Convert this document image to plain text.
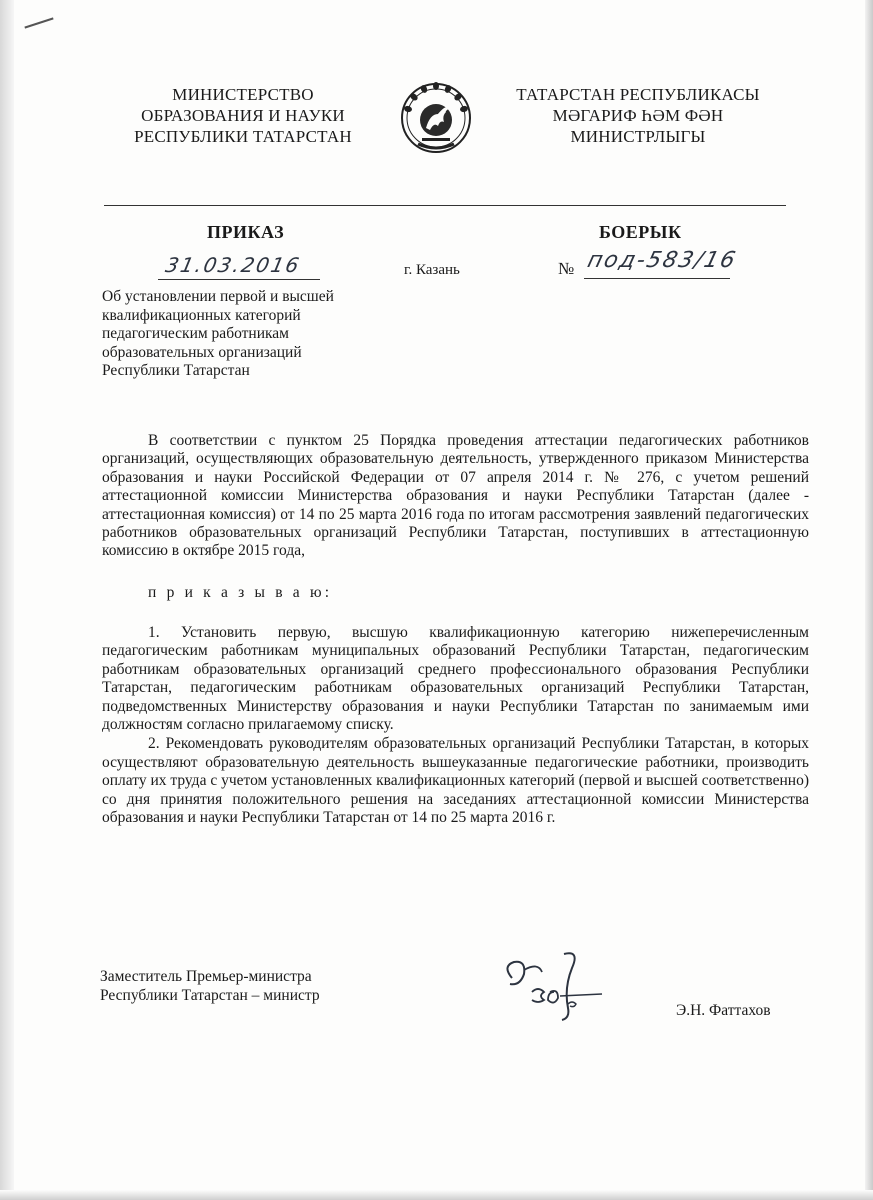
МИНИСТЕРСТВО
ОБРАЗОВАНИЯ И НАУКИ
РЕСПУБЛИКИ ТАТАРСТАН
ТАТАРСТАН РЕСПУБЛИКАСЫ
МӘГАРИФ ҺӘМ ФӘН
МИНИСТРЛЫГЫ
ПРИКАЗ	БОЕРЫК
31.03.2016	г. Казань	№ под-583/16
Об установлении первой и высшей
квалификационных категорий
педагогическим работникам
образовательных организаций
Республики Татарстан

В соответствии с пунктом 25 Порядка проведения аттестации педагогических работников организаций, осуществляющих образовательную деятельность, утвержденного приказом Министерства образования и науки Российской Федерации от 07 апреля 2014 г. № 276, с учетом решений аттестационной комиссии Министерства образования и науки Республики Татарстан (далее - аттестационная комиссия) от 14 по 25 марта 2016 года по итогам рассмотрения заявлений педагогических работников образовательных организаций Республики Татарстан, поступивших в аттестационную комиссию в октябре 2015 года,

п р и к а з ы в а ю:

1. Установить первую, высшую квалификационную категорию нижеперечисленным педагогическим работникам муниципальных образований Республики Татарстан, педагогическим работникам образовательных организаций среднего профессионального образования Республики Татарстан, педагогическим работникам образовательных организаций Республики Татарстан, подведомственных Министерству образования и науки Республики Татарстан по занимаемым ими должностям согласно прилагаемому списку.

2. Рекомендовать руководителям образовательных организаций Республики Татарстан, в которых осуществляют образовательную деятельность вышеуказанные педагогические работники, производить оплату их труда с учетом установленных квалификационных категорий (первой и высшей соответственно) со дня принятия положительного решения на заседаниях аттестационной комиссии Министерства образования и науки Республики Татарстан от 14 по 25 марта 2016 г.

Заместитель Премьер-министра
Республики Татарстан – министр
Э.Н. Фаттахов
